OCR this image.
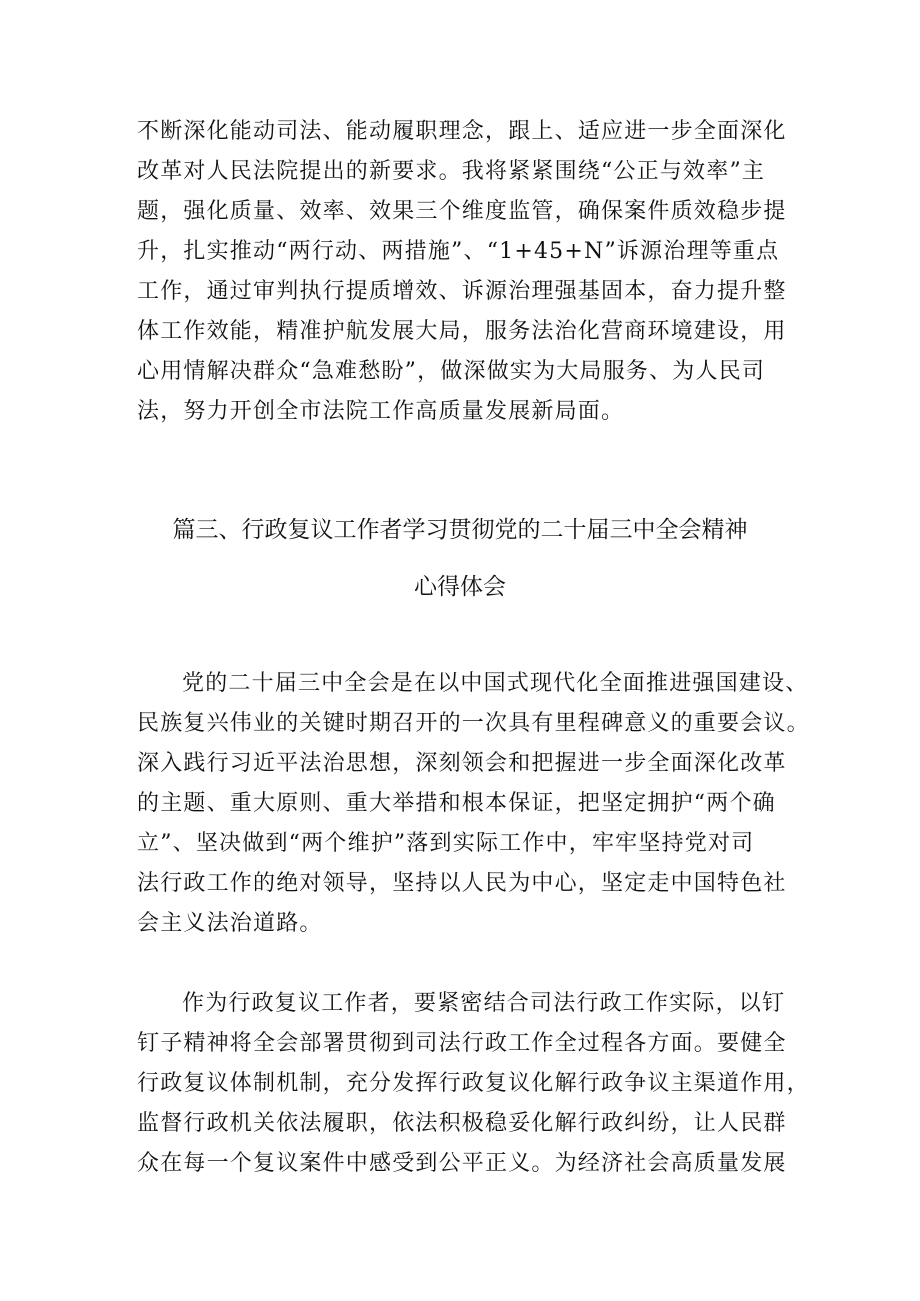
不断深化能动司法、能动履职理念，跟上、适应进一步全面深化
改革对人民法院提出的新要求。我将紧紧围绕“公正与效率”主
题，强化质量、效率、效果三个维度监管，确保案件质效稳步提
升，扎实推动“两行动、两措施”、“1+45+N”诉源治理等重点
工作，通过审判执行提质增效、诉源治理强基固本，奋力提升整
体工作效能，精准护航发展大局，服务法治化营商环境建设，用
心用情解决群众“急难愁盼”，做深做实为大局服务、为人民司
法，努力开创全市法院工作高质量发展新局面。
篇三、行政复议工作者学习贯彻党的二十届三中全会精神
心得体会
党的二十届三中全会是在以中国式现代化全面推进强国建设、
民族复兴伟业的关键时期召开的一次具有里程碑意义的重要会议。
深入践行习近平法治思想，深刻领会和把握进一步全面深化改革
的主题、重大原则、重大举措和根本保证，把坚定拥护“两个确
立”、坚决做到“两个维护”落到实际工作中，牢牢坚持党对司
法行政工作的绝对领导，坚持以人民为中心，坚定走中国特色社
会主义法治道路。
作为行政复议工作者，要紧密结合司法行政工作实际，以钉
钉子精神将全会部署贯彻到司法行政工作全过程各方面。要健全
行政复议体制机制，充分发挥行政复议化解行政争议主渠道作用，
监督行政机关依法履职，依法积极稳妥化解行政纠纷，让人民群
众在每一个复议案件中感受到公平正义。为经济社会高质量发展
